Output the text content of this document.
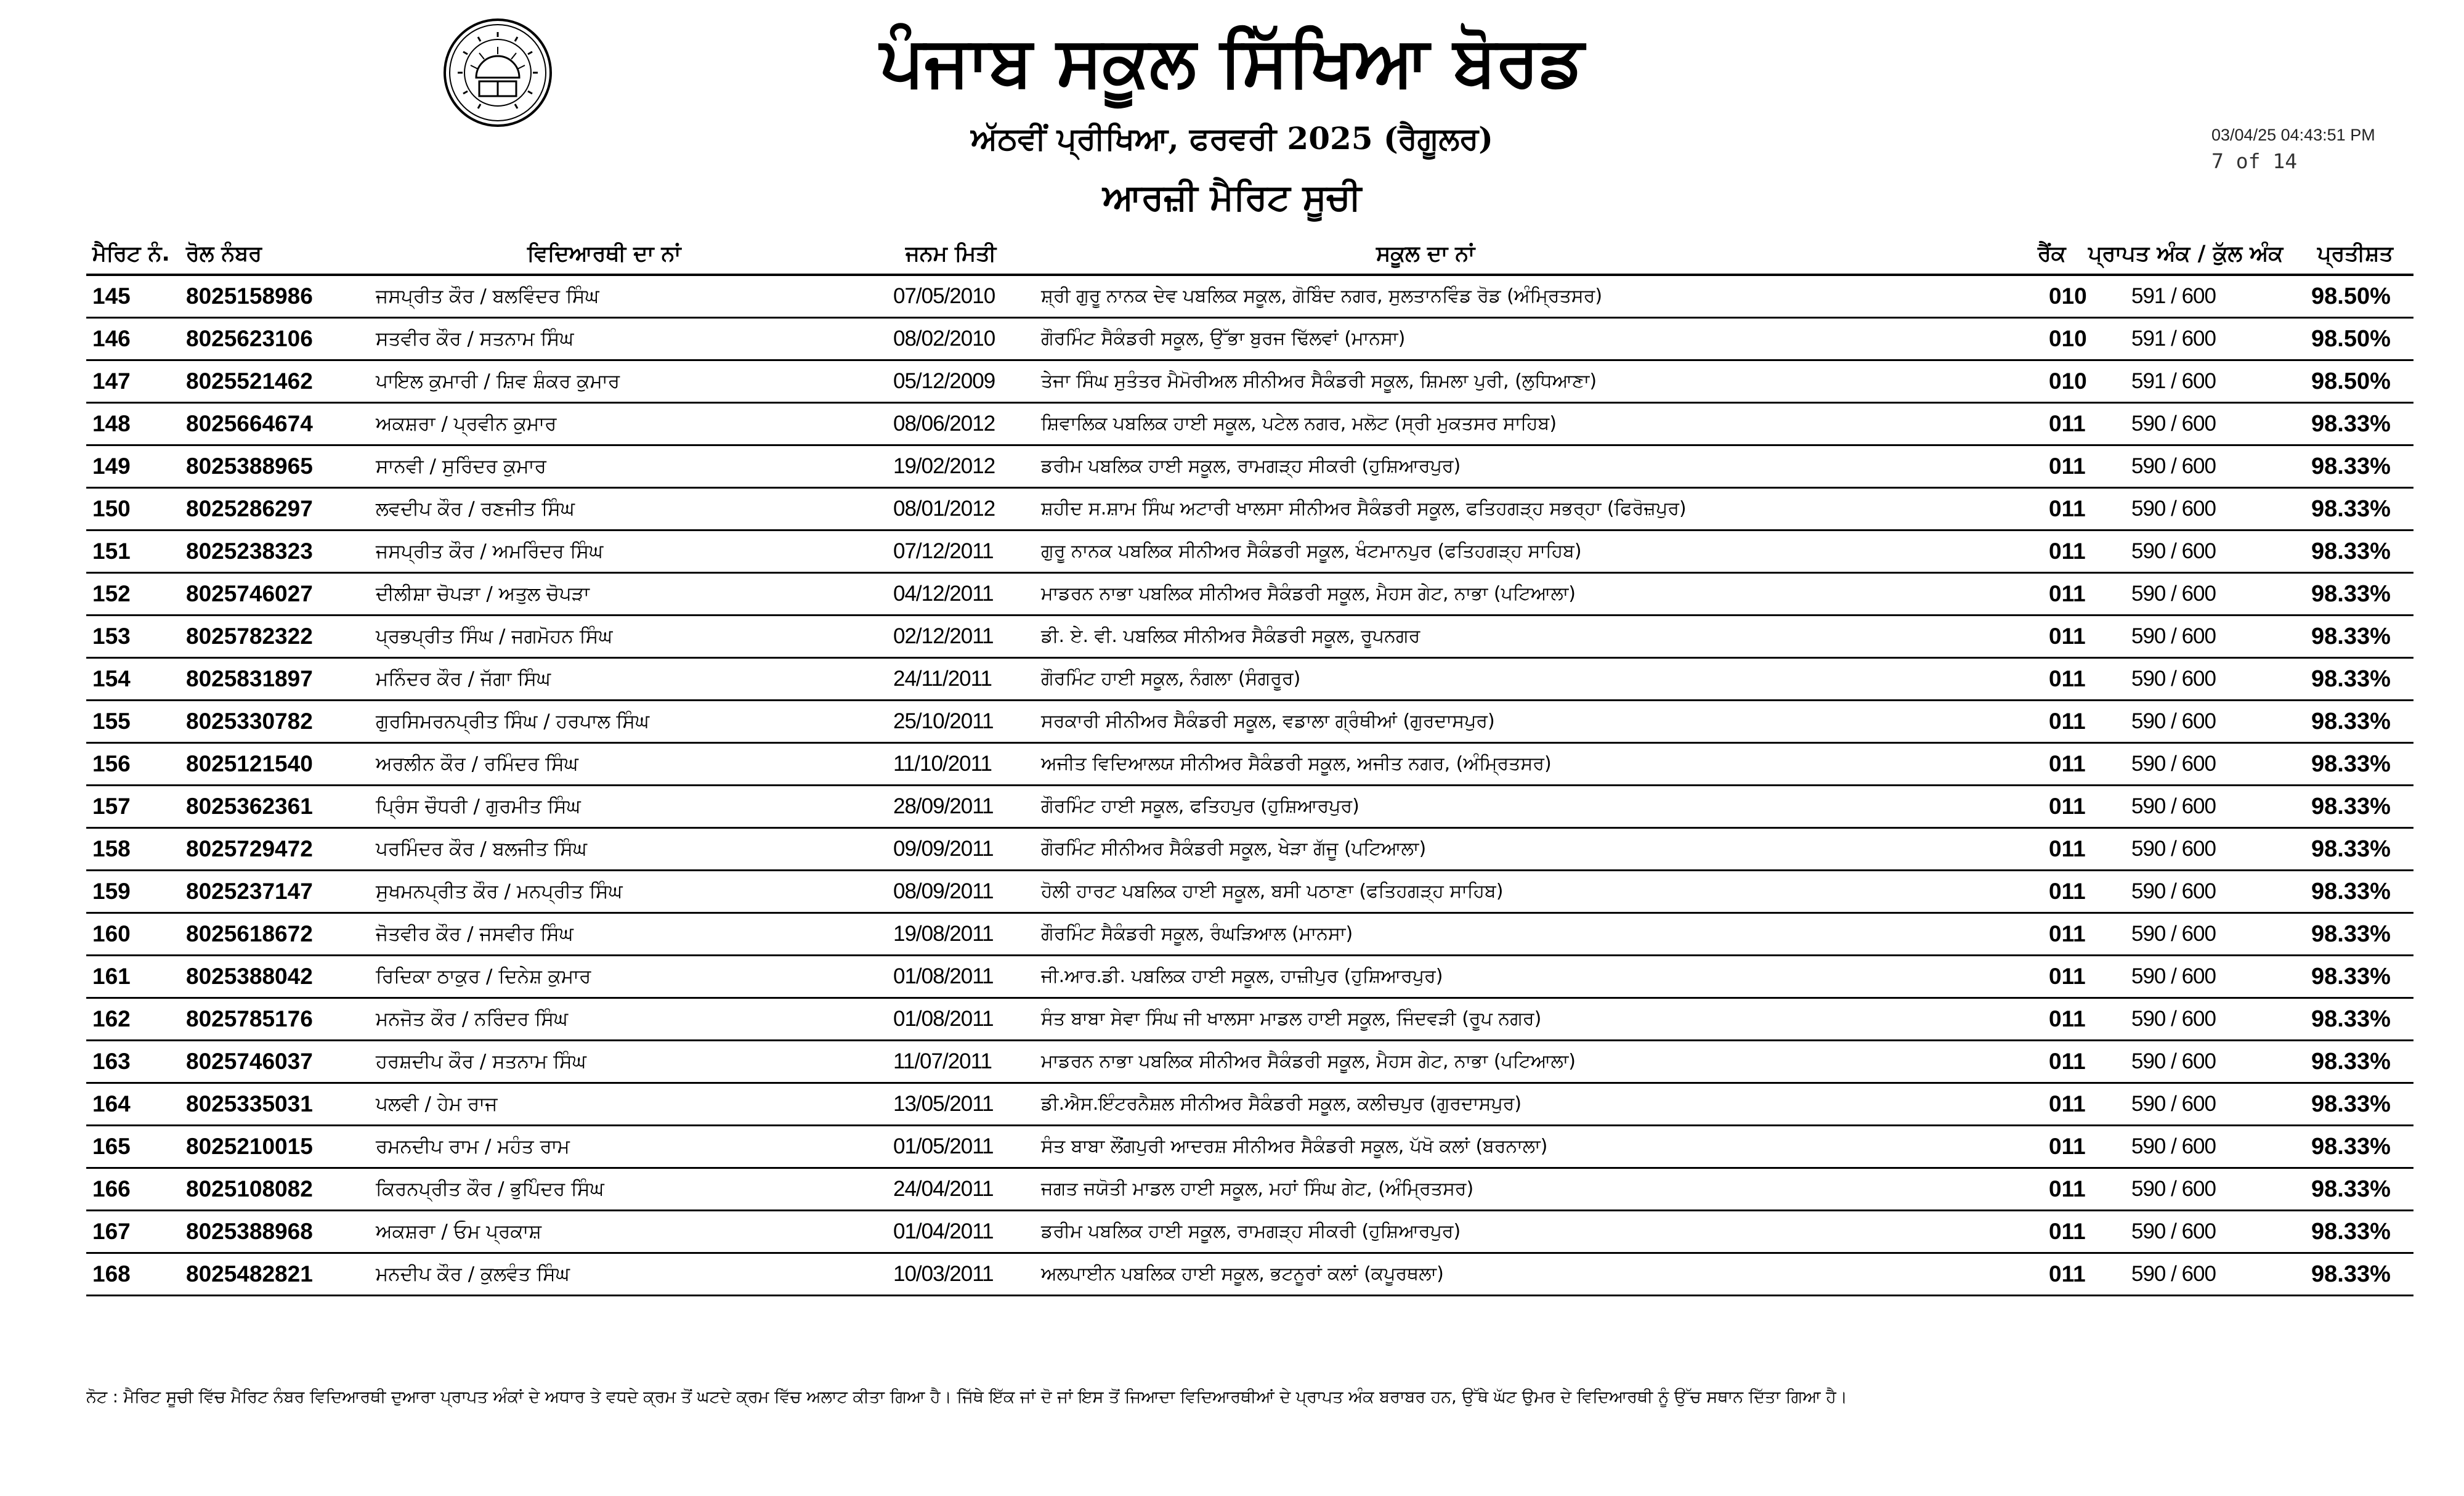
ਪੰਜਾਬ ਸਕੂਲ ਸਿੱਖਿਆ ਬੋਰਡ
ਅੱਠਵੀਂ ਪ੍ਰੀਖਿਆ, ਫਰਵਰੀ 2025 (ਰੈਗੂਲਰ)
ਆਰਜ਼ੀ ਮੈਰਿਟ ਸੂਚੀ
03/04/25 04:43:51 PM
7 of 14
ਮੈਰਿਟ ਨੰ. ਰੋਲ ਨੰਬਰ	ਵਿਦਿਆਰਥੀ ਦਾ ਨਾਂ	ਜਨਮ ਮਿਤੀ	ਸਕੂਲ ਦਾ ਨਾਂ	ਰੈਂਕ ਪ੍ਰਾਪਤ ਅੰਕ / ਕੁੱਲ ਅੰਕ ਪ੍ਰਤੀਸ਼ਤ
145 8025158986	ਜਸਪ੍ਰੀਤ ਕੌਰ / ਬਲਵਿੰਦਰ ਸਿੰਘ	07/05/2010 ਸ਼੍ਰੀ ਗੁਰੂ ਨਾਨਕ ਦੇਵ ਪਬਲਿਕ ਸਕੂਲ, ਗੋਬਿੰਦ ਨਗਰ, ਸੁਲਤਾਨਵਿੰਡ ਰੋਡ (ਅੰਮ੍ਰਿਤਸਰ)	010 591 / 600	98.50%
146 8025623106	ਸਤਵੀਰ ਕੌਰ / ਸਤਨਾਮ ਸਿੰਘ	08/02/2010 ਗੌਰਮਿੰਟ ਸੈਕੰਡਰੀ ਸਕੂਲ, ਉੱਭਾ ਬੁਰਜ ਢਿੱਲਵਾਂ (ਮਾਨਸਾ)	010 591 / 600	98.50%
147 8025521462	ਪਾਇਲ ਕੁਮਾਰੀ / ਸ਼ਿਵ ਸ਼ੰਕਰ ਕੁਮਾਰ	05/12/2009 ਤੇਜਾ ਸਿੰਘ ਸੁਤੰਤਰ ਮੈਮੋਰੀਅਲ ਸੀਨੀਅਰ ਸੈਕੰਡਰੀ ਸਕੂਲ, ਸ਼ਿਮਲਾ ਪੁਰੀ, (ਲੁਧਿਆਣਾ)	010 591 / 600	98.50%
148 8025664674	ਅਕਸ਼ਰਾ / ਪ੍ਰਵੀਨ ਕੁਮਾਰ	08/06/2012 ਸ਼ਿਵਾਲਿਕ ਪਬਲਿਕ ਹਾਈ ਸਕੂਲ, ਪਟੇਲ ਨਗਰ, ਮਲੋਟ (ਸ੍ਰੀ ਮੁਕਤਸਰ ਸਾਹਿਬ)	011 590 / 600	98.33%
149 8025388965	ਸਾਨਵੀ / ਸੁਰਿੰਦਰ ਕੁਮਾਰ	19/02/2012 ਡਰੀਮ ਪਬਲਿਕ ਹਾਈ ਸਕੂਲ, ਰਾਮਗੜ੍ਹ ਸੀਕਰੀ (ਹੁਸ਼ਿਆਰਪੁਰ)	011 590 / 600	98.33%
150 8025286297	ਲਵਦੀਪ ਕੌਰ / ਰਣਜੀਤ ਸਿੰਘ	08/01/2012 ਸ਼ਹੀਦ ਸ.ਸ਼ਾਮ ਸਿੰਘ ਅਟਾਰੀ ਖਾਲਸਾ ਸੀਨੀਅਰ ਸੈਕੰਡਰੀ ਸਕੂਲ, ਫਤਿਹਗੜ੍ਹ ਸਭਰ੍ਹਾ (ਫਿਰੋਜ਼ਪੁਰ)	011 590 / 600	98.33%
151 8025238323	ਜਸਪ੍ਰੀਤ ਕੌਰ / ਅਮਰਿੰਦਰ ਸਿੰਘ	07/12/2011	ਗੁਰੂ ਨਾਨਕ ਪਬਲਿਕ ਸੀਨੀਅਰ ਸੈਕੰਡਰੀ ਸਕੂਲ, ਖੰਟਮਾਨਪੁਰ (ਫਤਿਹਗੜ੍ਹ ਸਾਹਿਬ)	011 590 / 600	98.33%
152 8025746027	ਦੀਲੀਸ਼ਾ ਚੋਪੜਾ / ਅਤੁਲ ਚੋਪੜਾ	04/12/2011	ਮਾਡਰਨ ਨਾਭਾ ਪਬਲਿਕ ਸੀਨੀਅਰ ਸੈਕੰਡਰੀ ਸਕੂਲ, ਮੈਹਸ ਗੇਟ, ਨਾਭਾ (ਪਟਿਆਲਾ)	011 590 / 600	98.33%
153 8025782322	ਪ੍ਰਭਪ੍ਰੀਤ ਸਿੰਘ / ਜਗਮੋਹਨ ਸਿੰਘ	02/12/2011	ਡੀ. ਏ. ਵੀ. ਪਬਲਿਕ ਸੀਨੀਅਰ ਸੈਕੰਡਰੀ ਸਕੂਲ, ਰੂਪਨਗਰ	011 590 / 600	98.33%
154 8025831897	ਮਨਿੰਦਰ ਕੌਰ / ਜੱਗਾ ਸਿੰਘ	24/11/2011	ਗੌਰਮਿੰਟ ਹਾਈ ਸਕੂਲ, ਨੰਗਲਾ (ਸੰਗਰੂਰ)	011 590 / 600	98.33%
155 8025330782	ਗੁਰਸਿਮਰਨਪ੍ਰੀਤ ਸਿੰਘ / ਹਰਪਾਲ ਸਿੰਘ	25/10/2011	ਸਰਕਾਰੀ ਸੀਨੀਅਰ ਸੈਕੰਡਰੀ ਸਕੂਲ, ਵਡਾਲਾ ਗ੍ਰੰਥੀਆਂ (ਗੁਰਦਾਸਪੁਰ)	011 590 / 600	98.33%
156 8025121540	ਅਰਲੀਨ ਕੌਰ / ਰਮਿੰਦਰ ਸਿੰਘ	11/10/2011	ਅਜੀਤ ਵਿਦਿਆਲਯ ਸੀਨੀਅਰ ਸੈਕੰਡਰੀ ਸਕੂਲ, ਅਜੀਤ ਨਗਰ, (ਅੰਮ੍ਰਿਤਸਰ)	011 590 / 600	98.33%
157 8025362361	ਪ੍ਰਿੰਸ ਚੌਧਰੀ / ਗੁਰਮੀਤ ਸਿੰਘ	28/09/2011	ਗੌਰਮਿੰਟ ਹਾਈ ਸਕੂਲ, ਫਤਿਹਪੁਰ (ਹੁਸ਼ਿਆਰਪੁਰ)	011 590 / 600	98.33%
158 8025729472	ਪਰਮਿੰਦਰ ਕੌਰ / ਬਲਜੀਤ ਸਿੰਘ	09/09/2011	ਗੌਰਮਿੰਟ ਸੀਨੀਅਰ ਸੈਕੰਡਰੀ ਸਕੂਲ, ਖੇੜਾ ਗੱਜੂ (ਪਟਿਆਲਾ)	011 590 / 600	98.33%
159 8025237147	ਸੁਖਮਨਪ੍ਰੀਤ ਕੌਰ / ਮਨਪ੍ਰੀਤ ਸਿੰਘ	08/09/2011	ਹੋਲੀ ਹਾਰਟ ਪਬਲਿਕ ਹਾਈ ਸਕੂਲ, ਬਸੀ ਪਠਾਣਾ (ਫਤਿਹਗੜ੍ਹ ਸਾਹਿਬ)	011 590 / 600	98.33%
160 8025618672	ਜੋਤਵੀਰ ਕੌਰ / ਜਸਵੀਰ ਸਿੰਘ	19/08/2011	ਗੌਰਮਿੰਟ ਸੈਕੰਡਰੀ ਸਕੂਲ, ਰੰਘੜਿਆਲ (ਮਾਨਸਾ)	011 590 / 600	98.33%
161 8025388042	ਰਿਦਿਕਾ ਠਾਕੁਰ / ਦਿਨੇਸ਼ ਕੁਮਾਰ	01/08/2011	ਜੀ.ਆਰ.ਡੀ. ਪਬਲਿਕ ਹਾਈ ਸਕੂਲ, ਹਾਜ਼ੀਪੁਰ (ਹੁਸ਼ਿਆਰਪੁਰ)	011 590 / 600	98.33%
162 8025785176	ਮਨਜੋਤ ਕੌਰ / ਨਰਿੰਦਰ ਸਿੰਘ	01/08/2011	ਸੰਤ ਬਾਬਾ ਸੇਵਾ ਸਿੰਘ ਜੀ ਖਾਲਸਾ ਮਾਡਲ ਹਾਈ ਸਕੂਲ, ਜਿੰਦਵੜੀ (ਰੂਪ ਨਗਰ)	011 590 / 600	98.33%
163 8025746037	ਹਰਸ਼ਦੀਪ ਕੌਰ / ਸਤਨਾਮ ਸਿੰਘ	11/07/2011	ਮਾਡਰਨ ਨਾਭਾ ਪਬਲਿਕ ਸੀਨੀਅਰ ਸੈਕੰਡਰੀ ਸਕੂਲ, ਮੈਹਸ ਗੇਟ, ਨਾਭਾ (ਪਟਿਆਲਾ)	011 590 / 600	98.33%
164 8025335031	ਪਲਵੀ / ਹੇਮ ਰਾਜ	13/05/2011	ਡੀ.ਐਸ.ਇੰਟਰਨੈਸ਼ਲ ਸੀਨੀਅਰ ਸੈਕੰਡਰੀ ਸਕੂਲ, ਕਲੀਚਪੁਰ (ਗੁਰਦਾਸਪੁਰ)	011 590 / 600	98.33%
165 8025210015	ਰਮਨਦੀਪ ਰਾਮ / ਮਹੰਤ ਰਾਮ	01/05/2011	ਸੰਤ ਬਾਬਾ ਲੌਂਗਪੁਰੀ ਆਦਰਸ਼ ਸੀਨੀਅਰ ਸੈਕੰਡਰੀ ਸਕੂਲ, ਪੱਖੋ ਕਲਾਂ (ਬਰਨਾਲਾ)	011 590 / 600	98.33%
166 8025108082	ਕਿਰਨਪ੍ਰੀਤ ਕੌਰ / ਭੁਪਿੰਦਰ ਸਿੰਘ	24/04/2011	ਜਗਤ ਜਯੋਤੀ ਮਾਡਲ ਹਾਈ ਸਕੂਲ, ਮਹਾਂ ਸਿੰਘ ਗੇਟ, (ਅੰਮ੍ਰਿਤਸਰ)	011 590 / 600	98.33%
167 8025388968	ਅਕਸ਼ਰਾ / ਓਮ ਪ੍ਰਕਾਸ਼	01/04/2011	ਡਰੀਮ ਪਬਲਿਕ ਹਾਈ ਸਕੂਲ, ਰਾਮਗੜ੍ਹ ਸੀਕਰੀ (ਹੁਸ਼ਿਆਰਪੁਰ)	011 590 / 600	98.33%
168 8025482821	ਮਨਦੀਪ ਕੌਰ / ਕੁਲਵੰਤ ਸਿੰਘ	10/03/2011	ਅਲਪਾਈਨ ਪਬਲਿਕ ਹਾਈ ਸਕੂਲ, ਭਟਨੂਰਾਂ ਕਲਾਂ (ਕਪੂਰਥਲਾ)	011 590 / 600	98.33%
ਨੋਟ : ਮੈਰਿਟ ਸੂਚੀ ਵਿੱਚ ਮੈਰਿਟ ਨੰਬਰ ਵਿਦਿਆਰਥੀ ਦੁਆਰਾ ਪ੍ਰਾਪਤ ਅੰਕਾਂ ਦੇ ਅਧਾਰ ਤੇ ਵਧਦੇ ਕ੍ਰਮ ਤੋਂ ਘਟਦੇ ਕ੍ਰਮ ਵਿੱਚ ਅਲਾਟ ਕੀਤਾ ਗਿਆ ਹੈ। ਜਿੱਥੇ ਇੱਕ ਜਾਂ ਦੋ ਜਾਂ ਇਸ ਤੋਂ ਜਿਆਦਾ ਵਿਦਿਆਰਥੀਆਂ ਦੇ ਪ੍ਰਾਪਤ ਅੰਕ ਬਰਾਬਰ ਹਨ, ਉੱਥੇ ਘੱਟ ਉਮਰ ਦੇ ਵਿਦਿਆਰਥੀ ਨੂੰ ਉੱਚ ਸਥਾਨ ਦਿੱਤਾ ਗਿਆ ਹੈ।
